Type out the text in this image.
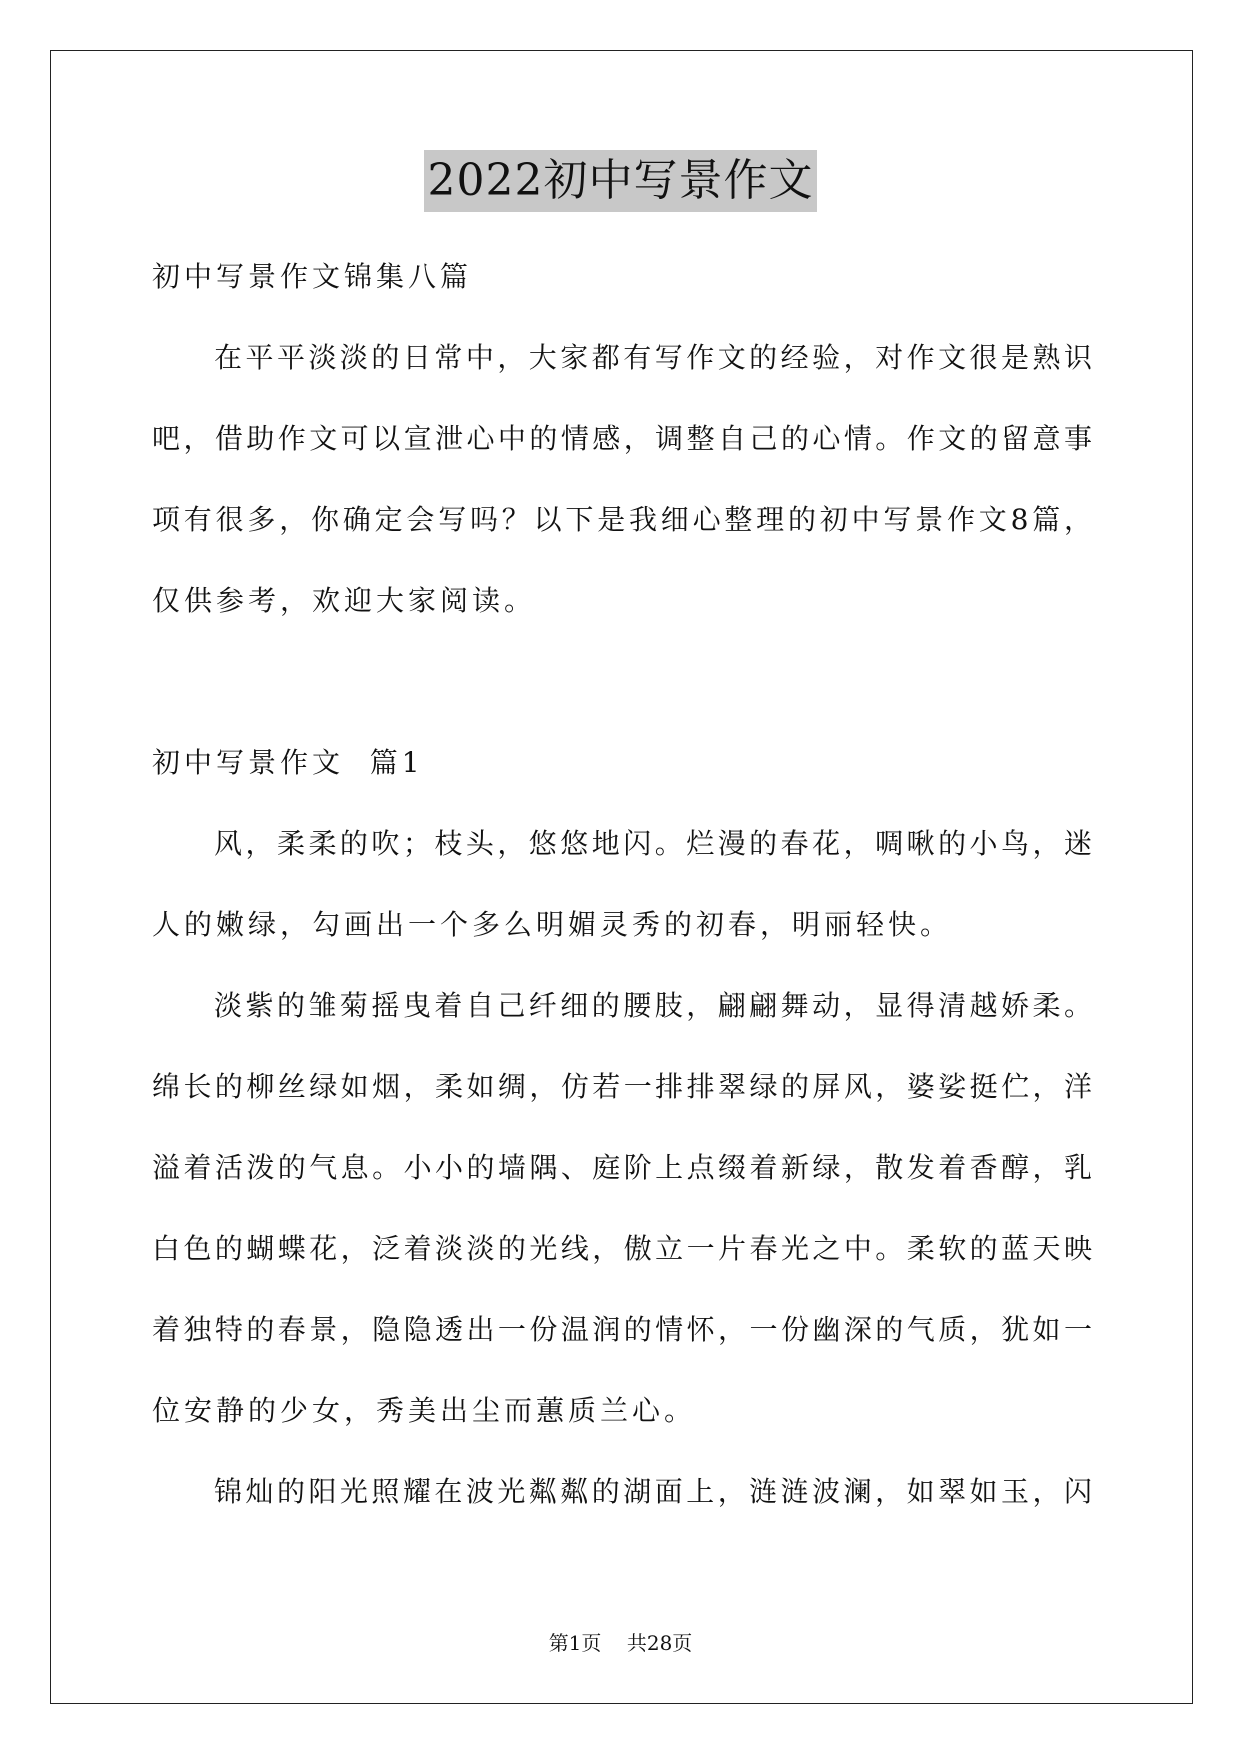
2022初中写景作文
初中写景作文锦集八篇
在平平淡淡的日常中，大家都有写作文的经验，对作文很是熟识
吧，借助作文可以宣泄心中的情感，调整自己的心情。作文的留意事
项有很多，你确定会写吗？以下是我细心整理的初中写景作文8篇，
仅供参考，欢迎大家阅读。
初中写景作文  篇1
风，柔柔的吹；枝头，悠悠地闪。烂漫的春花，啁啾的小鸟，迷
人的嫩绿，勾画出一个多么明媚灵秀的初春，明丽轻快。
淡紫的雏菊摇曳着自己纤细的腰肢，翩翩舞动，显得清越娇柔。
绵长的柳丝绿如烟，柔如绸，仿若一排排翠绿的屏风，婆娑挺伫，洋
溢着活泼的气息。小小的墙隅、庭阶上点缀着新绿，散发着香醇，乳
白色的蝴蝶花，泛着淡淡的光线，傲立一片春光之中。柔软的蓝天映
着独特的春景，隐隐透出一份温润的情怀，一份幽深的气质，犹如一
位安静的少女，秀美出尘而蕙质兰心。
锦灿的阳光照耀在波光粼粼的湖面上，涟涟波澜，如翠如玉，闪
第1页    共28页
